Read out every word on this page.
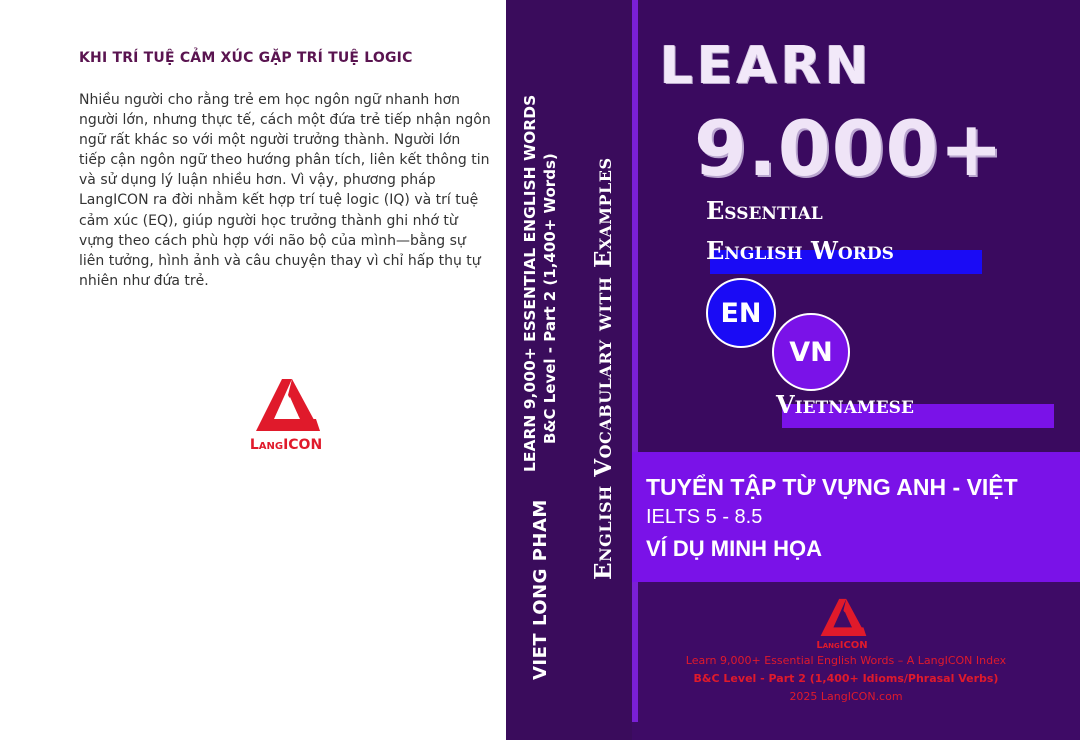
KHI TRÍ TUỆ CẢM XÚC GẶP TRÍ TUỆ LOGIC
Nhiều người cho rằng trẻ em học ngôn ngữ nhanh hơn người lớn, nhưng thực tế, cách một đứa trẻ tiếp nhận ngôn ngữ rất khác so với một người trưởng thành. Người lớn tiếp cận ngôn ngữ theo hướng phân tích, liên kết thông tin và sử dụng lý luận nhiều hơn. Vì vậy, phương pháp LangICON ra đời nhằm kết hợp trí tuệ logic (IQ) và trí tuệ cảm xúc (EQ), giúp người học trưởng thành ghi nhớ từ vựng theo cách phù hợp với não bộ của mình—bằng sự liên tưởng, hình ảnh và câu chuyện thay vì chỉ hấp thụ tự nhiên như đứa trẻ.
LangICON
VIET LONG PHAM
English Vocabulary with Examples
LEARN 9,000+ ESSENTIAL ENGLISH WORDS B&C Level - Part 2 (1,400+ Words)
LEARN
9.000+
Essential
English Words
EN
VN
Vietnamese
TUYỂN TẬP TỪ VỰNG ANH - VIỆT
IELTS 5 - 8.5
VÍ DỤ MINH HỌA
LangICON
Learn 9,000+ Essential English Words – A LangICON Index
B&C Level - Part 2 (1,400+ Idioms/Phrasal Verbs)
2025 LangICON.com
